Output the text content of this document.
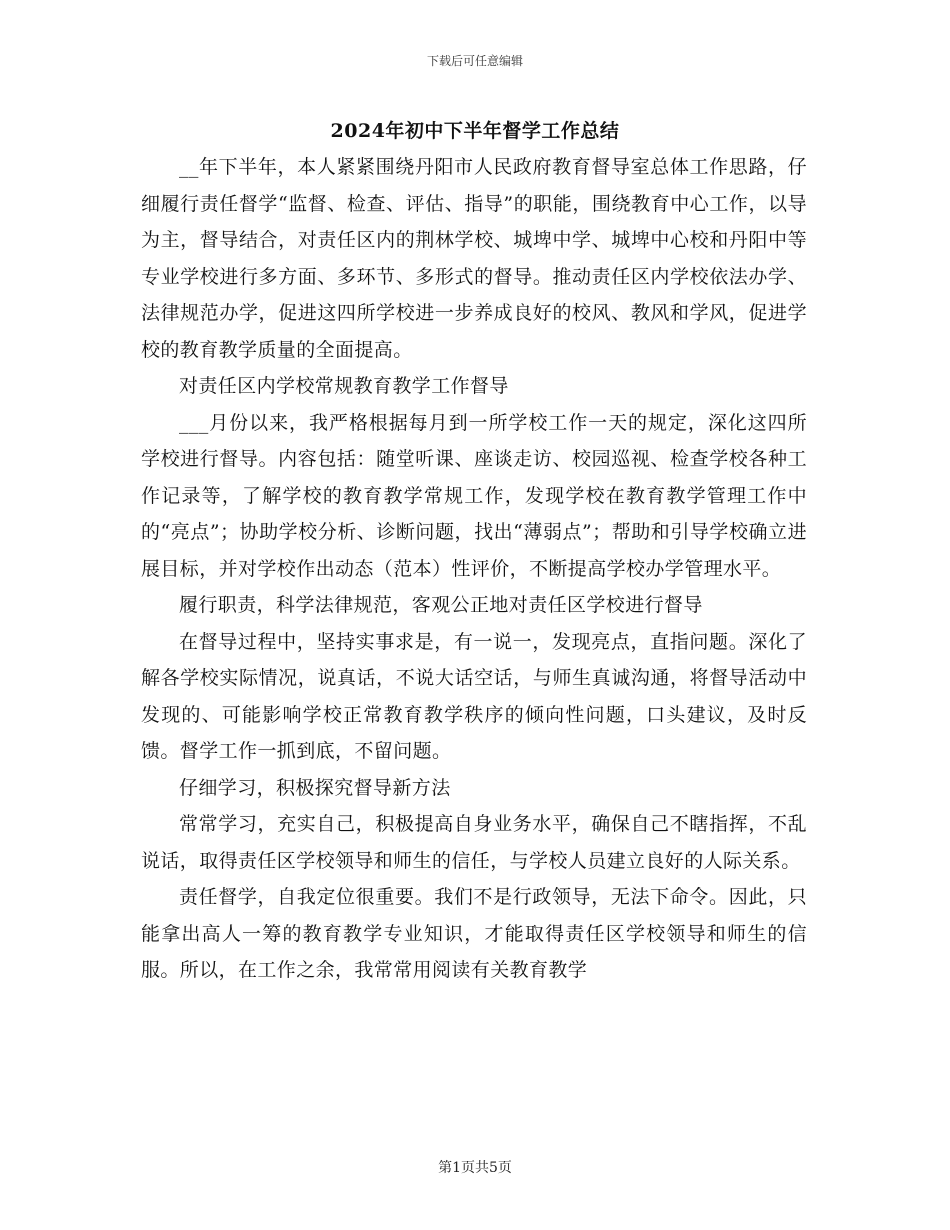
下载后可任意编辑
2024年初中下半年督学工作总结

__年下半年，本人紧紧围绕丹阳市人民政府教育督导室总体工作思路，仔细履行责任督学“监督、检查、评估、指导”的职能，围绕教育中心工作，以导为主，督导结合，对责任区内的荆林学校、城埤中学、城埤中心校和丹阳中等专业学校进行多方面、多环节、多形式的督导。推动责任区内学校依法办学、法律规范办学，促进这四所学校进一步养成良好的校风、教风和学风，促进学校的教育教学质量的全面提高。

对责任区内学校常规教育教学工作督导

___月份以来，我严格根据每月到一所学校工作一天的规定，深化这四所学校进行督导。内容包括：随堂听课、座谈走访、校园巡视、检查学校各种工作记录等，了解学校的教育教学常规工作，发现学校在教育教学管理工作中的“亮点”；协助学校分析、诊断问题，找出“薄弱点”；帮助和引导学校确立进展目标，并对学校作出动态（范本）性评价，不断提高学校办学管理水平。

履行职责，科学法律规范，客观公正地对责任区学校进行督导

在督导过程中，坚持实事求是，有一说一，发现亮点，直指问题。深化了解各学校实际情况，说真话，不说大话空话，与师生真诚沟通，将督导活动中发现的、可能影响学校正常教育教学秩序的倾向性问题，口头建议，及时反馈。督学工作一抓到底，不留问题。

仔细学习，积极探究督导新方法

常常学习，充实自己，积极提高自身业务水平，确保自己不瞎指挥，不乱说话，取得责任区学校领导和师生的信任，与学校人员建立良好的人际关系。

责任督学，自我定位很重要。我们不是行政领导，无法下命令。因此，只能拿出高人一筹的教育教学专业知识，才能取得责任区学校领导和师生的信服。所以，在工作之余，我常常用阅读有关教育教学

第1页共5页
